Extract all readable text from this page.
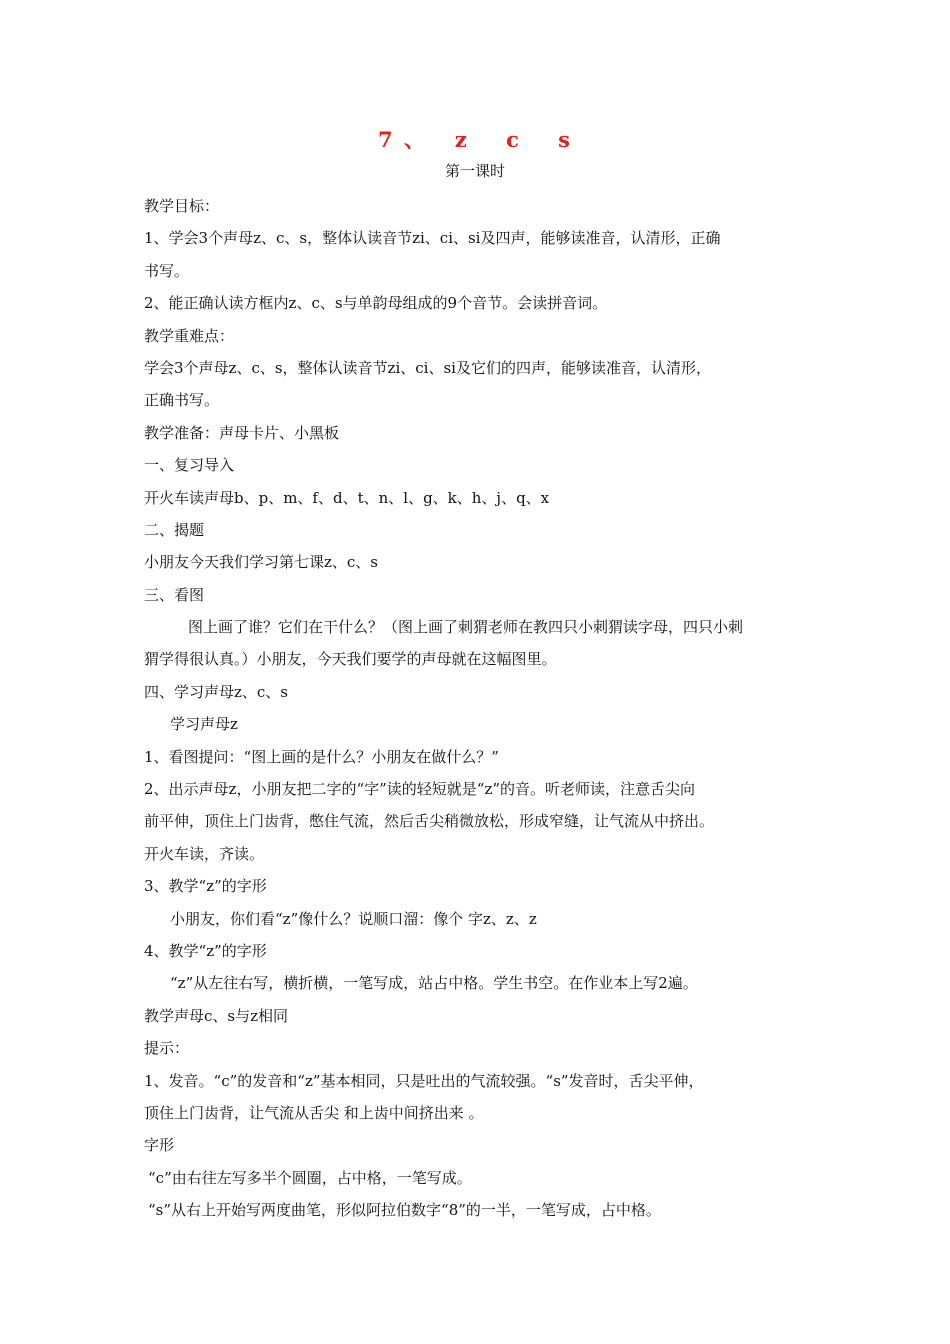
7 、   z    c    s
第一课时
教学目标：
1、学会3个声母z、c、s，整体认读音节zi、ci、si及四声，能够读准音，认清形，正确
书写。
2、能正确认读方框内z、c、s与单韵母组成的9个音节。会读拼音词。
教学重难点：
学会3个声母z、c、s，整体认读音节zi、ci、si及它们的四声，能够读准音，认清形，
正确书写。
教学准备：声母卡片、小黑板
一、复习导入
开火车读声母b、p、m、f、d、t、n、l、g、k、h、j、q、x
二、揭题
小朋友今天我们学习第七课z、c、s
三、看图
图上画了谁？它们在干什么？（图上画了刺猬老师在教四只小刺猬读字母，四只小刺
猬学得很认真。）小朋友，今天我们要学的声母就在这幅图里。
四、学习声母z、c、s
学习声母z
1、看图提问：“图上画的是什么？小朋友在做什么？”
2、出示声母z，小朋友把二字的“字”读的轻短就是“z”的音。听老师读，注意舌尖向
前平伸，顶住上门齿背，憋住气流，然后舌尖稍微放松，形成窄缝，让气流从中挤出。
开火车读，齐读。
3、教学“z”的字形
小朋友，你们看“z”像什么？说顺口溜：像个 字z、z、z
4、教学“z”的字形
“z”从左往右写，横折横，一笔写成，站占中格。学生书空。在作业本上写2遍。
教学声母c、s与z相同
提示：
1、发音。“c”的发音和“z”基本相同，只是吐出的气流较强。“s”发音时，舌尖平伸，
顶住上门齿背，让气流从舌尖 和上齿中间挤出来 。
字形
“c”由右往左写多半个圆圈，占中格，一笔写成。
“s”从右上开始写两度曲笔，形似阿拉伯数字“8”的一半，一笔写成，占中格。
